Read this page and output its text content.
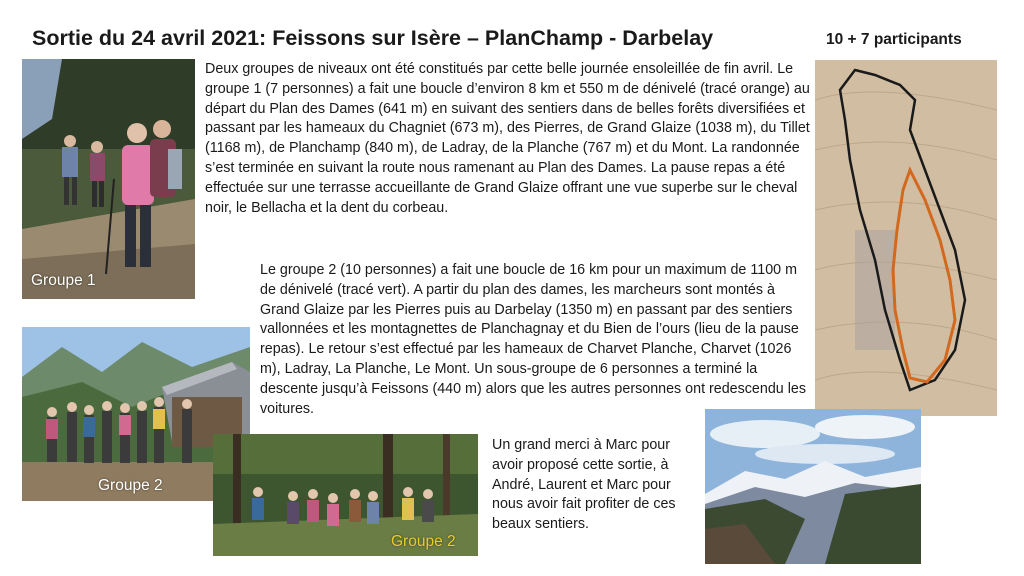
Sortie du 24 avril 2021: Feissons sur Isère – PlanChamp - Darbelay	10 + 7 participants
Groupe 1
Groupe 2
Groupe 2

Deux groupes de niveaux ont été constitués par cette belle journée ensoleillée de fin avril. Le groupe 1 (7 personnes) a fait une boucle d’environ 8 km et 550 m de dénivelé (tracé orange) au départ du Plan des Dames (641 m) en suivant des sentiers dans de belles forêts diversifiées et passant par les hameaux du Chagniet (673 m), des Pierres, de Grand Glaize (1038 m), du Tillet (1168 m), de Planchamp (840 m), de Ladray, de la Planche (767 m) et du Mont. La randonnée s’est terminée en suivant la route nous ramenant au Plan des Dames. La pause repas a été effectuée sur une terrasse accueillante de Grand Glaize offrant une vue superbe sur le cheval noir, le Bellacha et la dent du corbeau.

Le groupe 2 (10 personnes) a fait une boucle de 16 km pour un maximum de 1100 m de dénivelé (tracé vert). A partir du plan des dames, les marcheurs sont montés à Grand Glaize par les Pierres puis au Darbelay (1350 m) en passant par des sentiers vallonnées et les montagnettes de Planchagnay et du Bien de l’ours (lieu de la pause repas). Le retour s’est effectué par les hameaux de Charvet Planche, Charvet (1026 m), Ladray, La Planche, Le Mont. Un sous-groupe de 6 personnes a terminé la descente jusqu’à Feissons (440 m) alors que les autres personnes ont redescendu les voitures.

Un grand merci à Marc pour avoir proposé cette sortie, à André, Laurent et Marc pour nous avoir fait profiter de ces beaux sentiers.
